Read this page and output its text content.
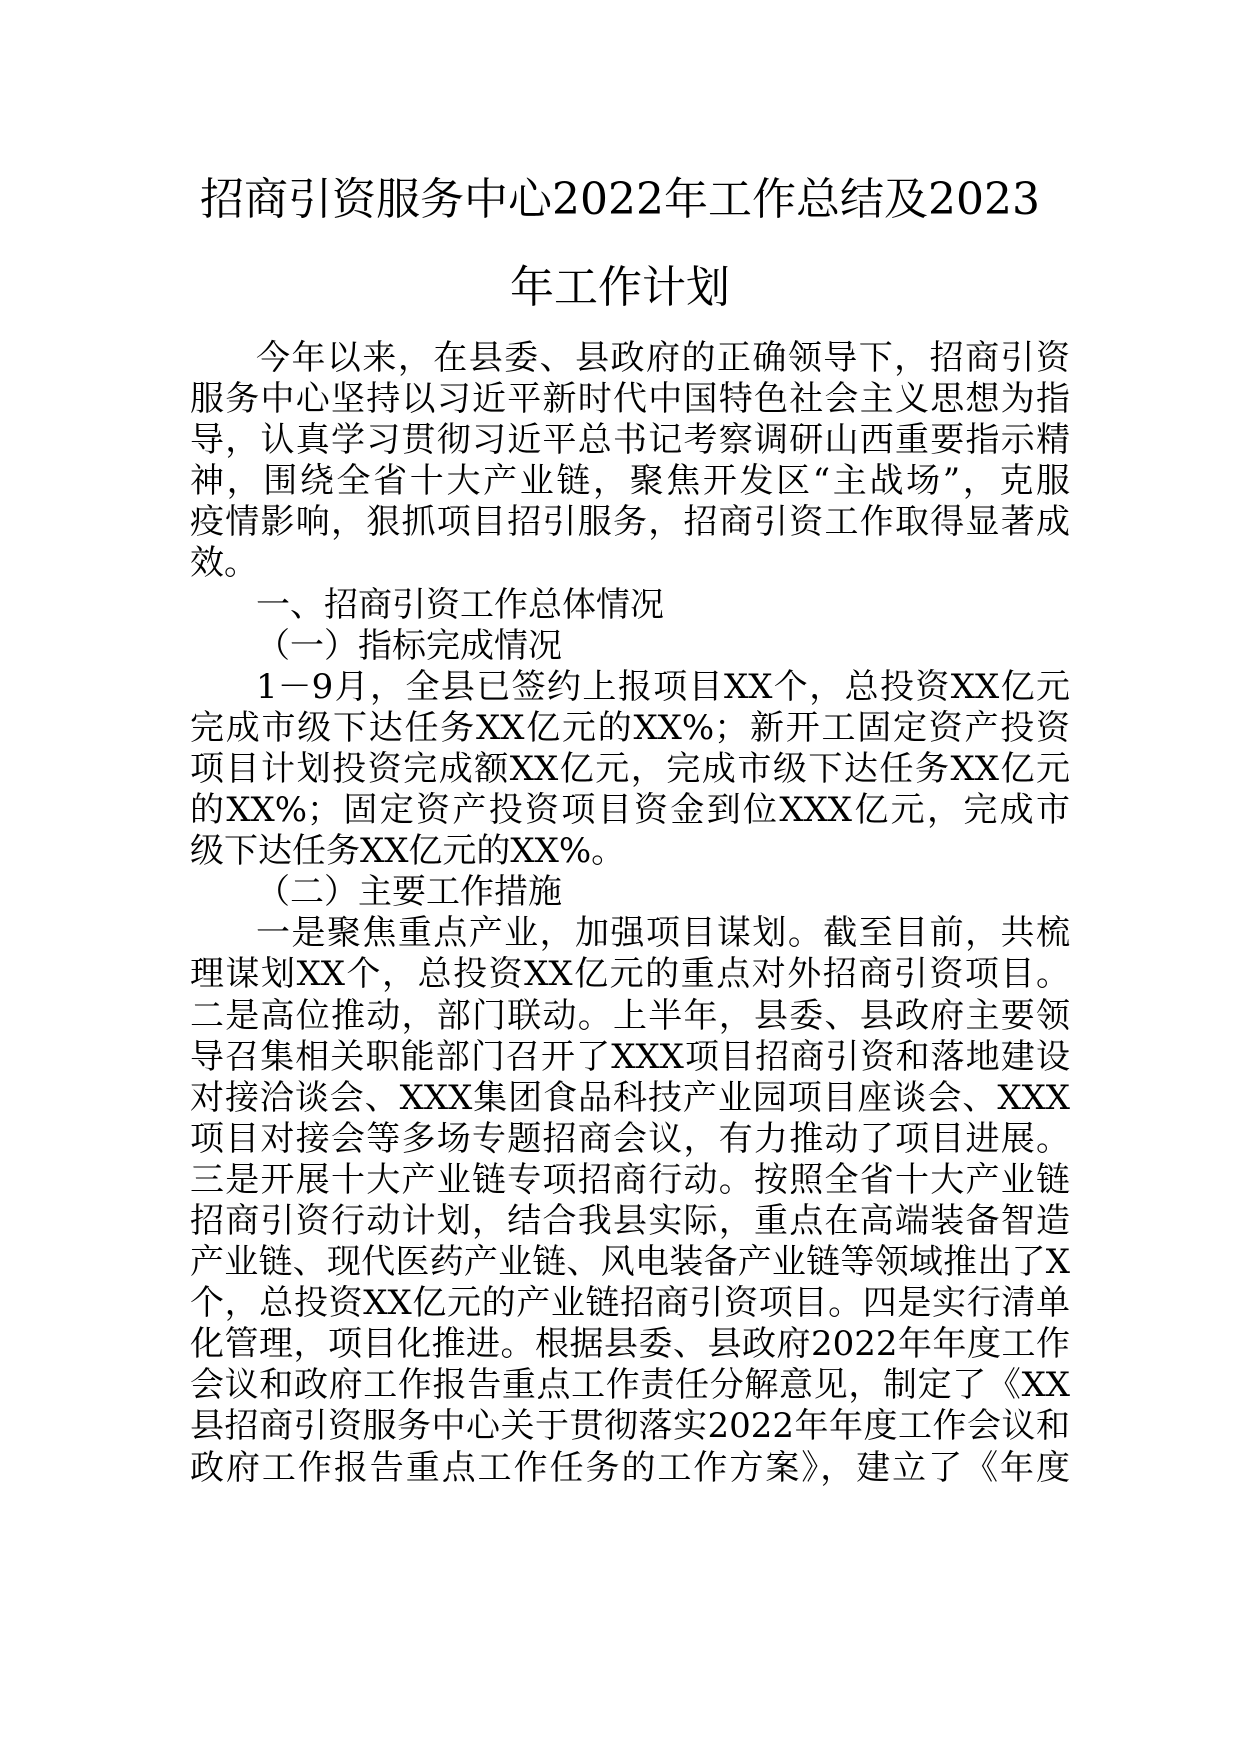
招商引资服务中心2022年工作总结及2023
年工作计划

今年以来，在县委、县政府的正确领导下，招商引资

服务中心坚持以习近平新时代中国特色社会主义思想为指

导，认真学习贯彻习近平总书记考察调研山西重要指示精

神，围绕全省十大产业链，聚焦开发区“主战场”，克服

疫情影响，狠抓项目招引服务，招商引资工作取得显著成

效。

一、招商引资工作总体情况

（一）指标完成情况

1－9月，全县已签约上报项目XX个，总投资XX亿元

完成市级下达任务XX亿元的XX%；新开工固定资产投资

项目计划投资完成额XX亿元，完成市级下达任务XX亿元

的XX%；固定资产投资项目资金到位XXX亿元，完成市

级下达任务XX亿元的XX%。

（二）主要工作措施

一是聚焦重点产业，加强项目谋划。截至目前，共梳

理谋划XX个，总投资XX亿元的重点对外招商引资项目。

二是高位推动，部门联动。上半年，县委、县政府主要领

导召集相关职能部门召开了XXX项目招商引资和落地建设

对接洽谈会、XXX集团食品科技产业园项目座谈会、XXX

项目对接会等多场专题招商会议，有力推动了项目进展。

三是开展十大产业链专项招商行动。按照全省十大产业链

招商引资行动计划，结合我县实际，重点在高端装备智造

产业链、现代医药产业链、风电装备产业链等领域推出了X

个，总投资XX亿元的产业链招商引资项目。四是实行清单

化管理，项目化推进。根据县委、县政府2022年年度工作

会议和政府工作报告重点工作责任分解意见，制定了《XX

县招商引资服务中心关于贯彻落实2022年年度工作会议和

政府工作报告重点工作任务的工作方案》，建立了《年度
